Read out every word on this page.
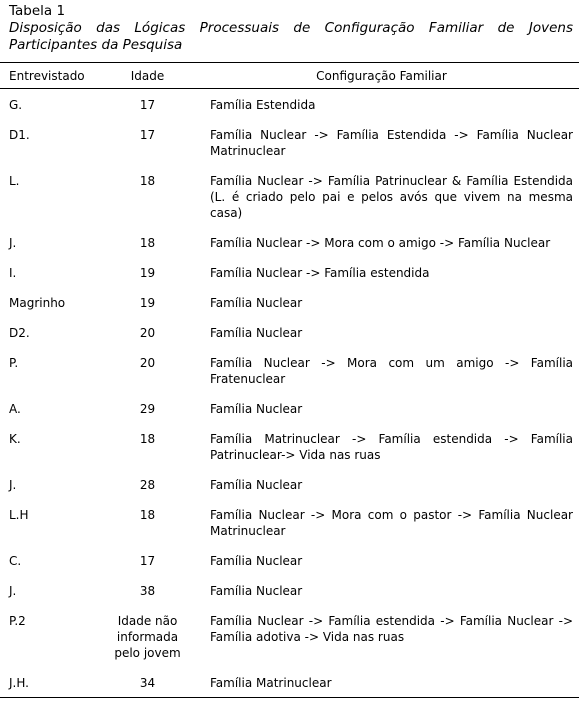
Tabela 1
Disposição das Lógicas Processuais de Configuração Familiar de Jovens Participantes da Pesquisa
Entrevistado	Idade	Configuração Familiar
G.	17	Família Estendida
D1.	17	Família Nuclear -> Família Estendida -> Família Nuclear Matrinuclear
L.	18	Família Nuclear -> Família Patrinuclear & Família Estendida (L. é criado pelo pai e pelos avós que vivem na mesma casa)
J.	18	Família Nuclear -> Mora com o amigo -> Família Nuclear
I.	19	Família Nuclear -> Família estendida
Magrinho	19	Família Nuclear
D2.	20	Família Nuclear
P.	20	Família Nuclear -> Mora com um amigo -> Família Fratenuclear
A.	29	Família Nuclear
K.	18	Família Matrinuclear -> Família estendida -> Família Patrinuclear-> Vida nas ruas
J.	28	Família Nuclear
L.H	18	Família Nuclear -> Mora com o pastor -> Família Nuclear Matrinuclear
C.	17	Família Nuclear
J.	38	Família Nuclear
P.2	Idade não informada pelo jovem	Família Nuclear -> Família estendida -> Família Nuclear -> Família adotiva -> Vida nas ruas
J.H.	34	Família Matrinuclear
